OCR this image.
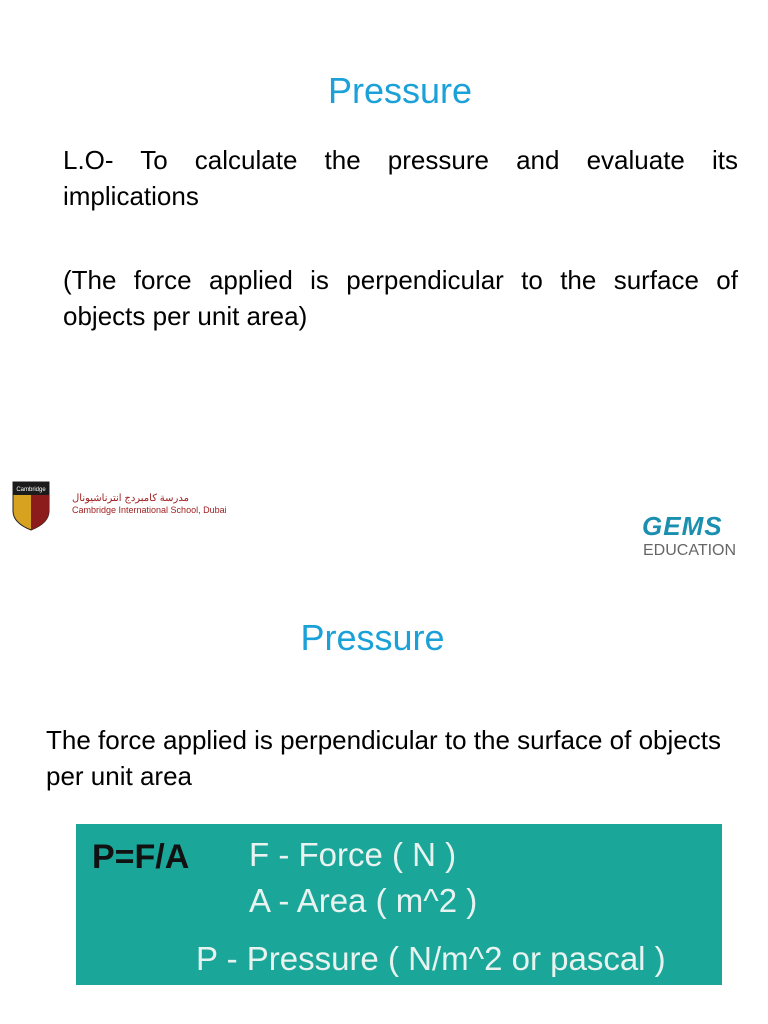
Pressure

L.O- To calculate the pressure and evaluate its implications

(The force applied is perpendicular to the surface of objects per unit area)

Cambridge
مدرسة كامبردج انترناشيونال
Cambridge International School, Dubai
GEMS
EDUCATION
Pressure

The force applied is perpendicular to the surface of objects per unit area

P=F/A F - Force ( N )
A - Area ( m^2 )
P - Pressure ( N/m^2 or pascal )
